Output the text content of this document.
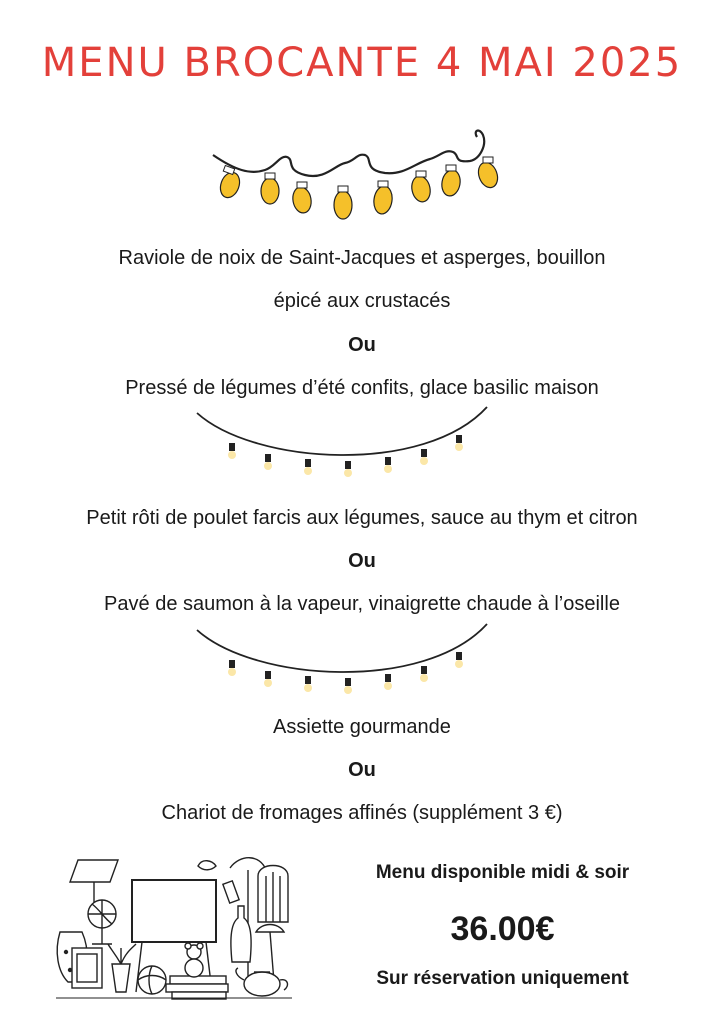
MENU BROCANTE 4 MAI 2025
Raviole de noix de Saint-Jacques et asperges, bouillon
épicé aux crustacés
Ou
Pressé de légumes d’été confits, glace basilic maison
Petit rôti de poulet farcis aux légumes, sauce au thym et citron
Ou
Pavé de saumon à la vapeur, vinaigrette chaude à l’oseille
Assiette gourmande
Ou
Chariot de fromages affinés (supplément 3 €)
Menu disponible midi & soir
36.00€
Sur réservation uniquement
